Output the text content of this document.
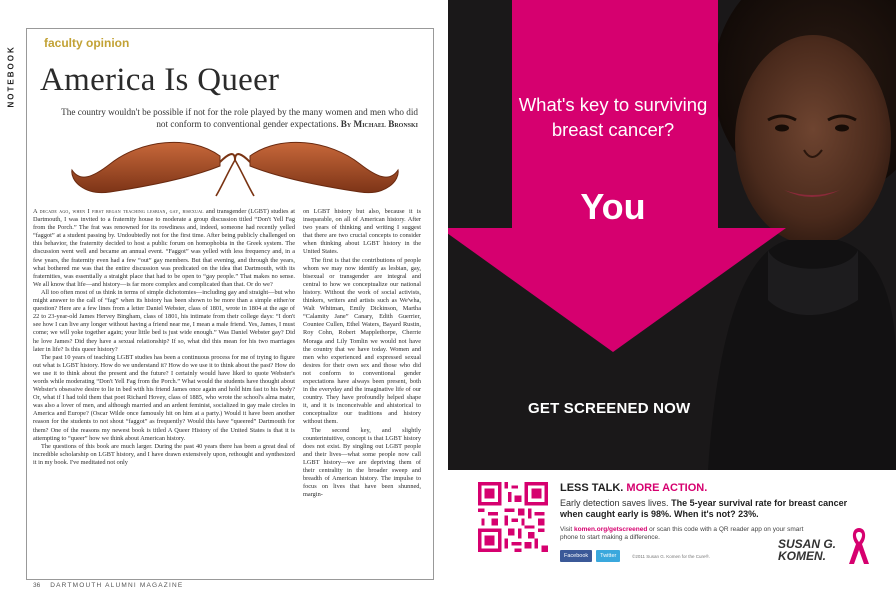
NOTEBOOK
faculty opinion
America Is Queer
The country wouldn't be possible if not for the role played by the many women and men who did not conform to conventional gender expectations. By Michael Bronski

A decade ago, when I first began teaching lesbian, gay, bisexual and transgender (LGBT) studies at Dartmouth, I was invited to a fraternity house to moderate a group discussion titled “Don't Yell Fag from the Porch.” The frat was renowned for its rowdiness and, indeed, someone had recently yelled “faggot” at a student passing by. Undoubtedly not for the first time. After being publicly challenged on this behavior, the fraternity decided to host a public forum on homophobia in the Greek system. The discussion went well and became an annual event. “Faggot” was yelled with less frequency and, in a few years, the fraternity even had a few “out” gay members. But that evening, and through the years, what bothered me was that the entire discussion was predicated on the idea that Dartmouth, with its fraternities, was essentially a straight place that had to be open to “gay people.” That makes no sense. We all know that life—and history—is far more complex and complicated than that. Or do we?

All too often most of us think in terms of simple dichotomies—including gay and straight—but who might answer to the call of “fag” when its history has been shown to be more than a simple either/or question? Here are a few lines from a letter Daniel Webster, class of 1801, wrote in 1804 at the age of 22 to 23-year-old James Hervey Bingham, class of 1801, his intimate from their college days: “I don't see how I can live any longer without having a friend near me, I mean a male friend. Yes, James, I must come; we will yoke together again; your little bed is just wide enough.” Was Daniel Webster gay? Did he love James? Did they have a sexual relationship? If so, what did this mean for his two marriages later in life? Is this queer history?

The past 10 years of teaching LGBT studies has been a continuous process for me of trying to figure out what is LGBT history. How do we understand it? How do we use it to think about the past? How do we use it to think about the present and the future? I certainly would have liked to quote Webster's words while moderating “Don't Yell Fag from the Porch.” What would the students have thought about Webster's obsessive desire to lie in bed with his friend James once again and hold him fast to his body? Or, what if I had told them that poet Richard Hovey, class of 1885, who wrote the school's alma mater, was also a lover of men, and although married and an ardent feminist, socialized in gay male circles in America and Europe? (Oscar Wilde once famously hit on him at a party.) Would it have been another reason for the students to not shout “faggot” as frequently? Would this have “queered” Dartmouth for them? One of the reasons my newest book is titled A Queer History of the United States is that it is attempting to “queer” how we think about American history.

The questions of this book are much larger. During the past 40 years there has been a great deal of incredible scholarship on LGBT history, and I have drawn extensively upon, rethought and synthesized it in my book. I've meditated not only

on LGBT history but also, because it is inseparable, on all of American history. After two years of thinking and writing I suggest that there are two crucial concepts to consider when thinking about LGBT history in the United States.

The first is that the contributions of people whom we may now identify as lesbian, gay, bisexual or transgender are integral and central to how we conceptualize our national history. Without the work of social activists, thinkers, writers and artists such as We'wha, Walt Whitman, Emily Dickinson, Martha “Calamity Jane” Canary, Edith Guerrier, Countee Cullen, Ethel Waters, Bayard Rustin, Roy Cohn, Robert Mapplethorpe, Cherrie Moraga and Lily Tomlin we would not have the country that we have today. Women and men who experienced and expressed sexual desires for their own sex and those who did not conform to conventional gender expectations have always been present, both in the everyday and the imaginative life of our country. They have profoundly helped shape it, and it is inconceivable and ahistorical to conceptualize our traditions and history without them.

The second key, and slightly counterintuitive, concept is that LGBT history does not exist. By singling out LGBT people and their lives—what some people now call LGBT history—we are depriving them of their centrality in the broader sweep and breadth of American history. The impulse to focus on lives that have been shunned, margin-

36 DARTMOUTH ALUMNI MAGAZINE
What's key to surviving breast cancer?
You
GET SCREENED NOW
LESS TALK. MORE ACTION.
Early detection saves lives. The 5-year survival rate for breast cancer when caught early is 98%. When it's not? 23%.
Visit komen.org/getscreened or scan this code with a QR reader app on your smart phone to start making a difference.
Facebook	Twitter	©2011 Susan G. Komen for the Cure®.
SUSAN G.
KOMEN.
